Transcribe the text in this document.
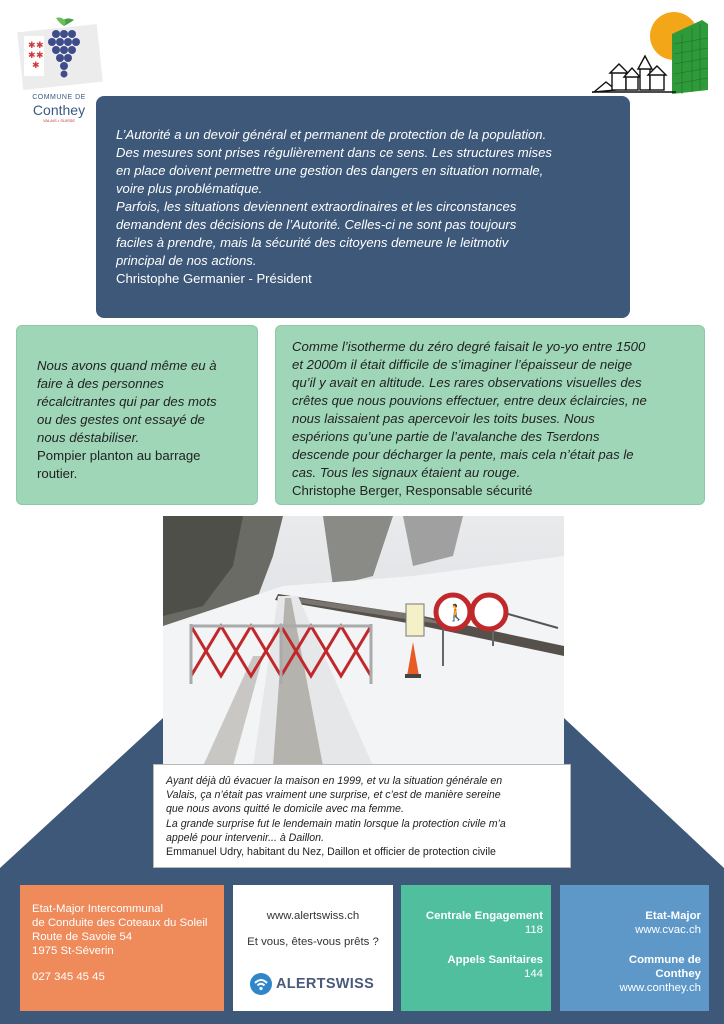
✱ ✱
✱ ✱
✱
COMMUNE DE
Conthey
VALAIS • SUISSE
L’Autorité a un devoir général et permanent de protection de la population.
Des mesures sont prises régulièrement dans ce sens. Les structures mises
en place doivent permettre une gestion des dangers en situation normale,
voire plus problématique.
Parfois, les situations deviennent extraordinaires et les circonstances
demandent des décisions de l’Autorité. Celles-ci ne sont pas toujours
faciles à prendre, mais la sécurité des citoyens demeure le leitmotiv
principal de nos actions.
Christophe Germanier - Président
Nous avons quand même eu à
faire à des personnes
récalcitrantes qui par des mots
ou des gestes ont essayé de
nous déstabiliser.
Pompier planton au barrage
routier.
Comme l’isotherme du zéro degré faisait le yo-yo entre 1500
et 2000m il était difficile de s’imaginer l’épaisseur de neige
qu’il y avait en altitude. Les rares observations visuelles des
crêtes que nous pouvions effectuer, entre deux éclaircies, ne
nous laissaient pas apercevoir les toits buses. Nous
espérions qu’une partie de l’avalanche des Tserdons
descende pour décharger la pente, mais cela n’était pas le
cas. Tous les signaux étaient au rouge.
Christophe Berger, Responsable sécurité
🚶
Ayant déjà dû évacuer la maison en 1999, et vu la situation générale en
Valais, ça n’était pas vraiment une surprise, et c’est de manière sereine
que nous avons quitté le domicile avec ma femme.
La grande surprise fut le lendemain matin lorsque la protection civile m’a
appelé pour intervenir... à Daillon.
Emmanuel Udry, habitant du Nez, Daillon et officier de protection civile
Etat-Major Intercommunal
de Conduite des Coteaux du Soleil
Route de Savoie 54
1975 St-Séverin
027 345 45 45
www.alertswiss.ch
Et vous, êtes-vous prêts ?
ALERTSWISS
Centrale Engagement
118
Appels Sanitaires
144
Etat-Major
www.cvac.ch
Commune de
Conthey
www.conthey.ch
